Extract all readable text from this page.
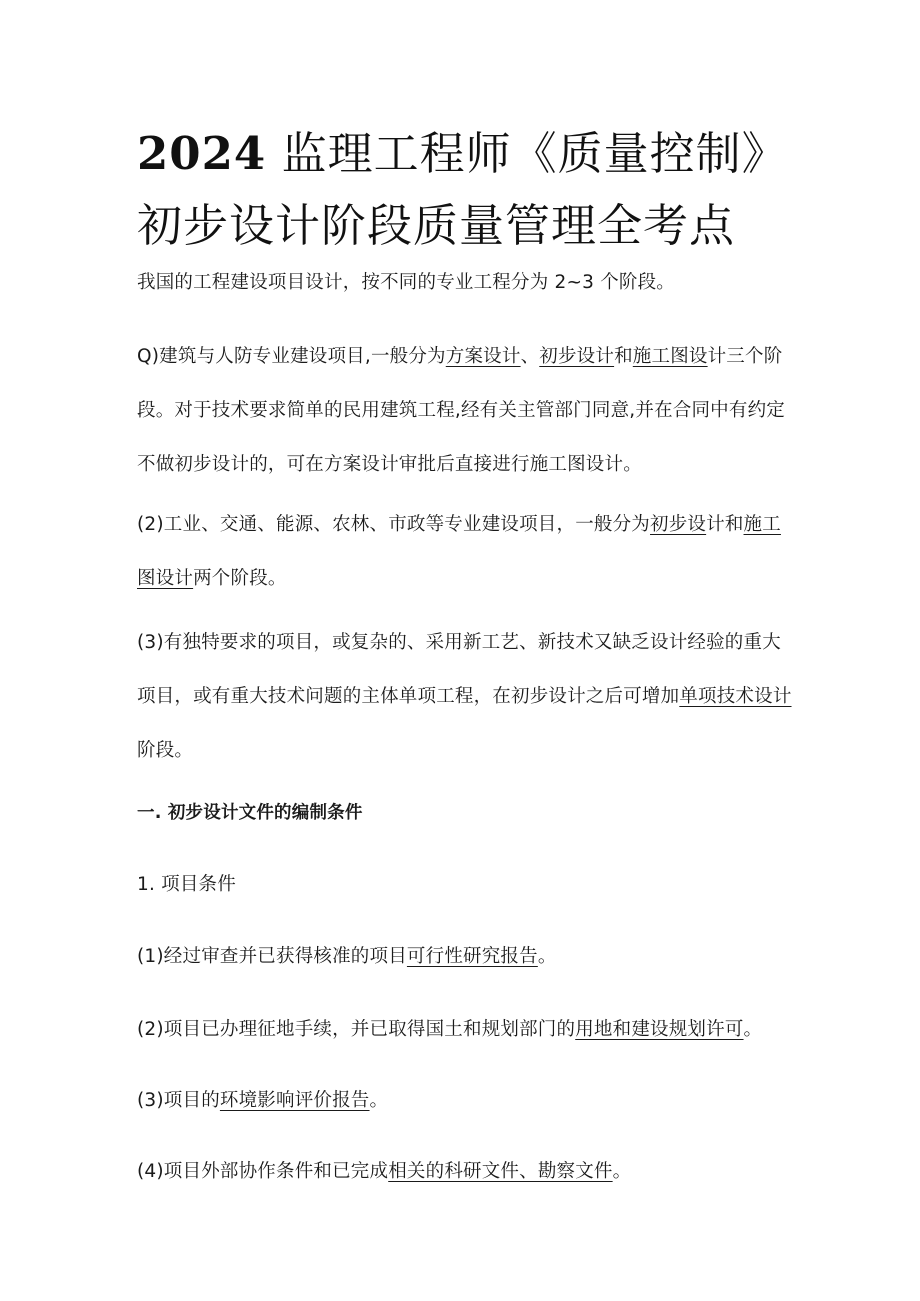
2024 监理工程师《质量控制》初步设计阶段质量管理全考点

我国的工程建设项目设计，按不同的专业工程分为 2~3 个阶段。

Q)建筑与人防专业建设项目,一般分为方案设计、初步设计和施工图设计三个阶段。对于技术要求简单的民用建筑工程,经有关主管部门同意,并在合同中有约定不做初步设计的，可在方案设计审批后直接进行施工图设计。

(2)工业、交通、能源、农林、市政等专业建设项目，一般分为初步设计和施工图设计两个阶段。

(3)有独特要求的项目，或复杂的、采用新工艺、新技术又缺乏设计经验的重大项目，或有重大技术问题的主体单项工程，在初步设计之后可增加单项技术设计阶段。

一. 初步设计文件的编制条件

1. 项目条件

(1)经过审查并已获得核准的项目可行性研究报告。

(2)项目已办理征地手续，并已取得国土和规划部门的用地和建设规划许可。

(3)项目的环境影响评价报告。

(4)项目外部协作条件和已完成相关的科研文件、勘察文件。
